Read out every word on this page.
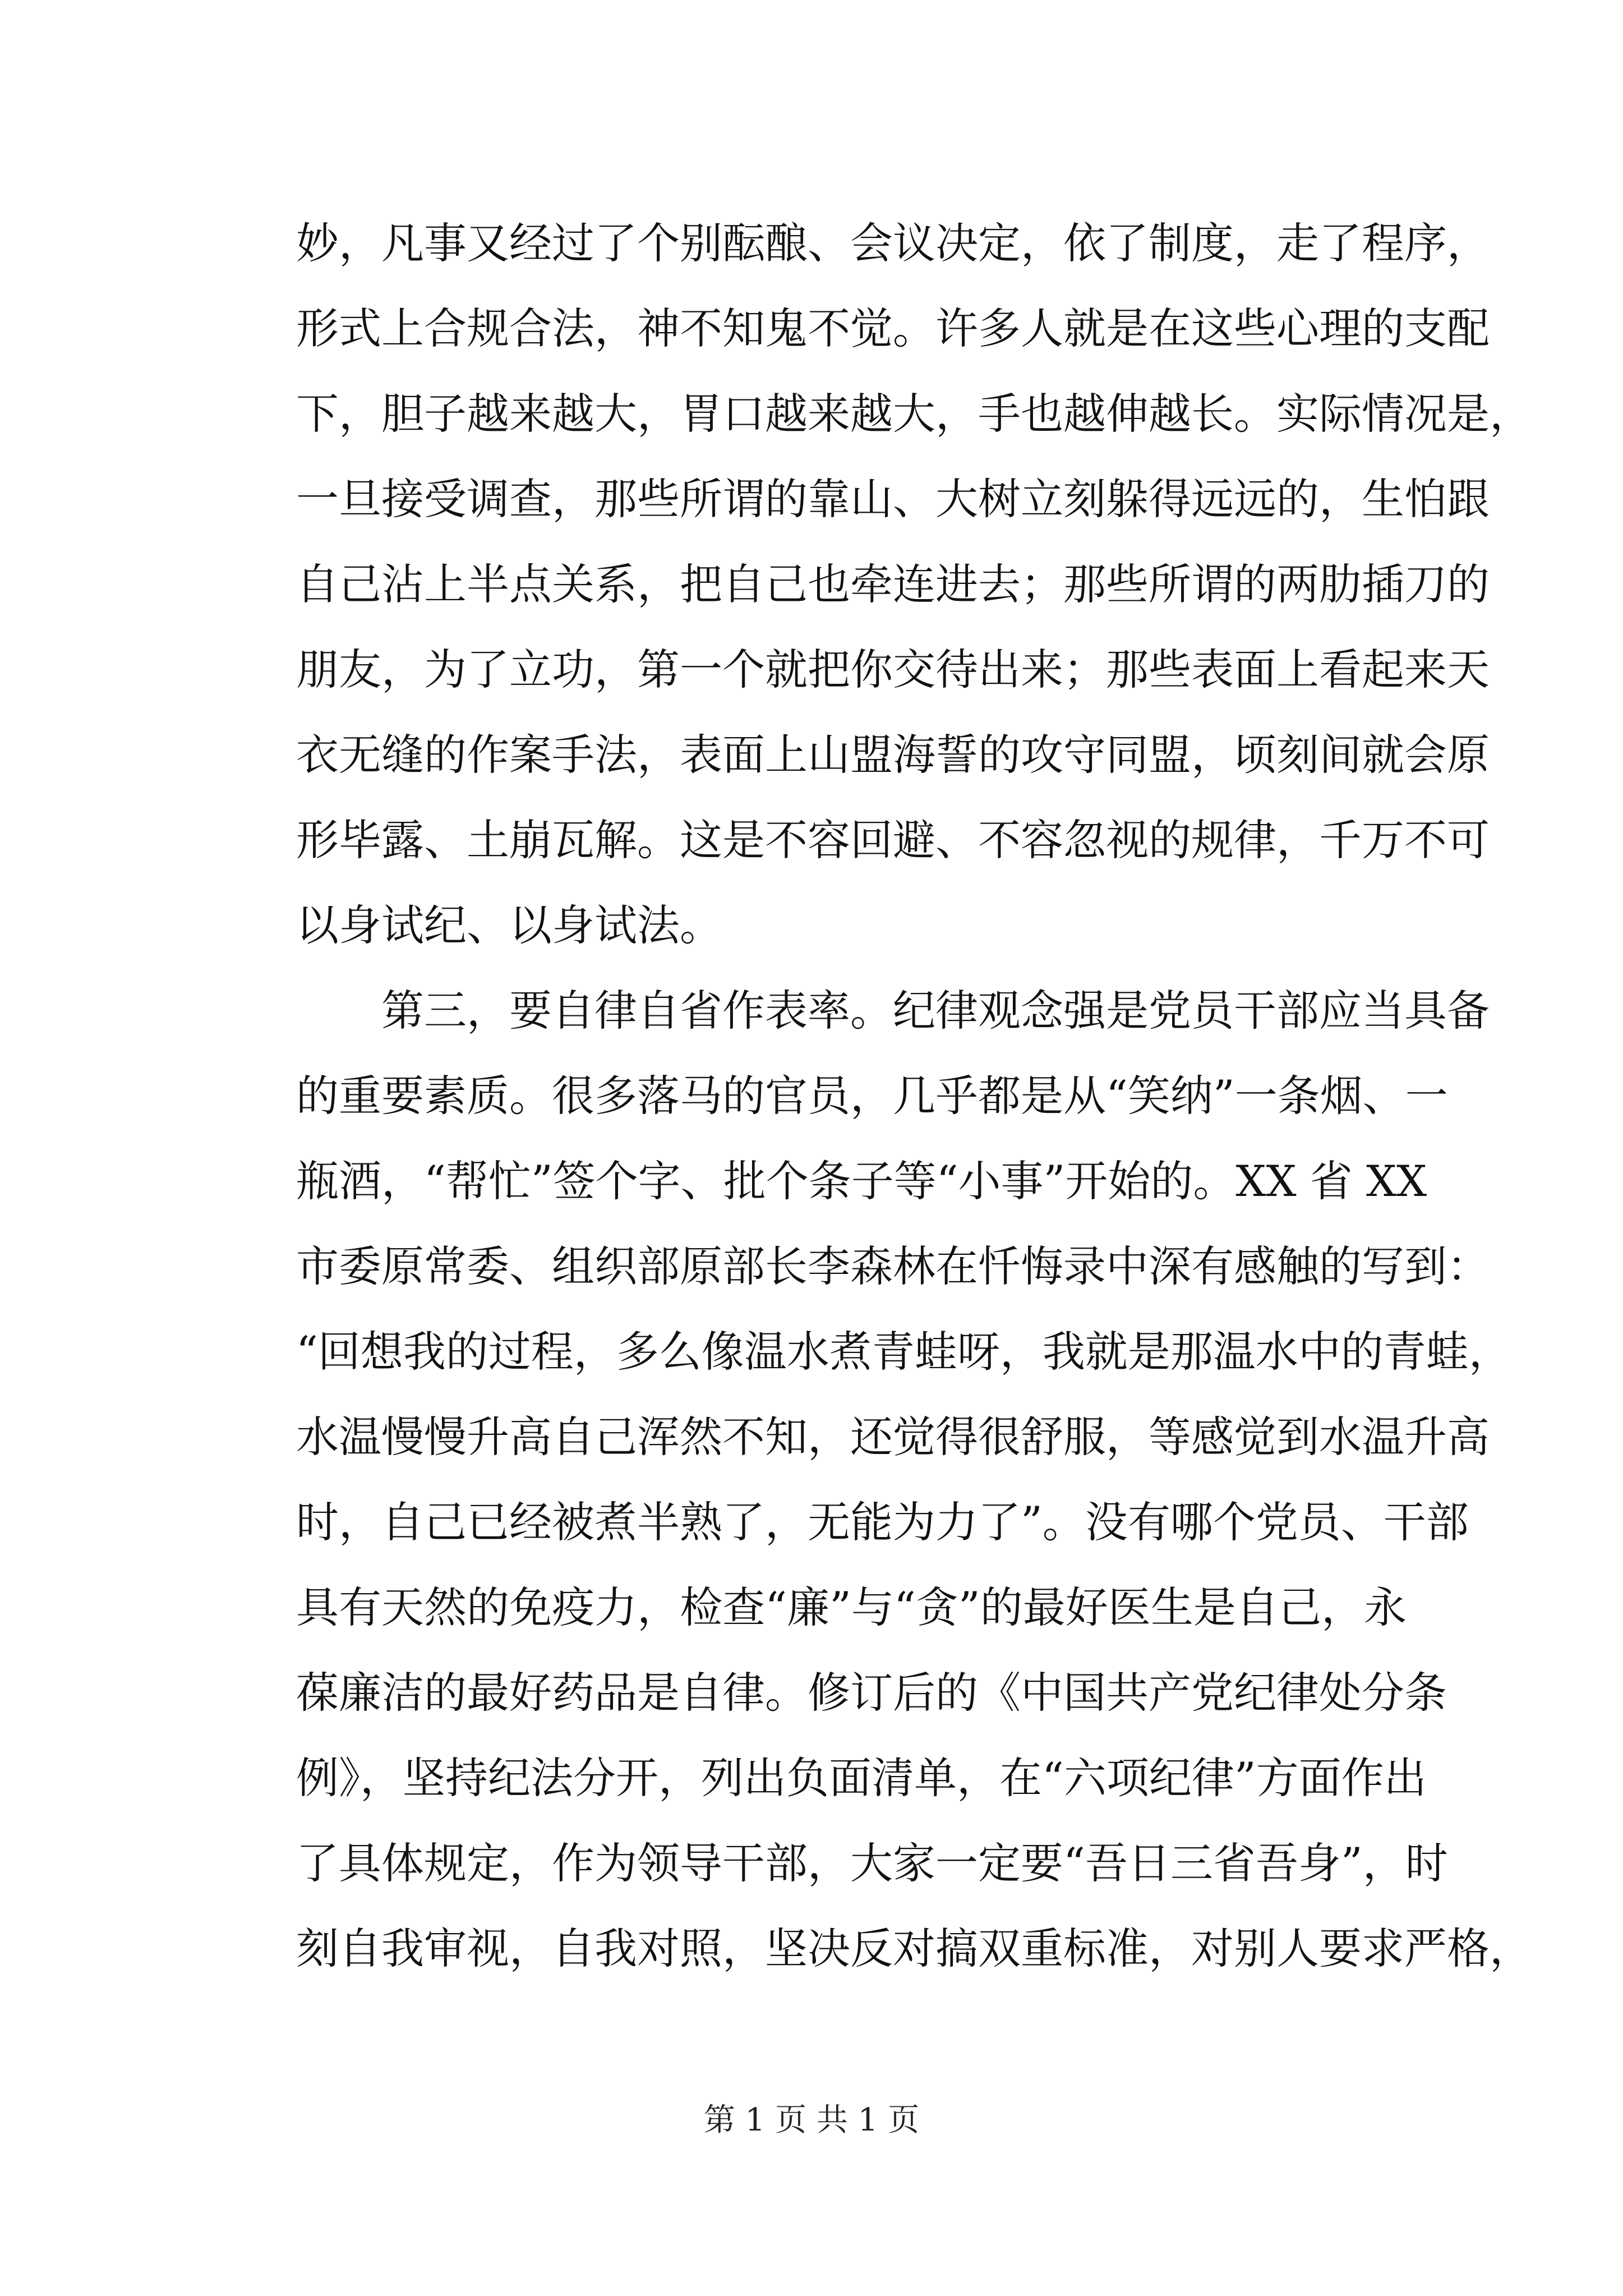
妙，凡事又经过了个别酝酿、会议决定，依了制度，走了程序，
形式上合规合法，神不知鬼不觉。许多人就是在这些心理的支配
下，胆子越来越大，胃口越来越大，手也越伸越长。实际情况是，
一旦接受调查，那些所谓的靠山、大树立刻躲得远远的，生怕跟
自己沾上半点关系，把自己也牵连进去；那些所谓的两肋插刀的
朋友，为了立功，第一个就把你交待出来；那些表面上看起来天
衣无缝的作案手法，表面上山盟海誓的攻守同盟，顷刻间就会原
形毕露、土崩瓦解。这是不容回避、不容忽视的规律，千万不可
以身试纪、以身试法。
第三，要自律自省作表率。纪律观念强是党员干部应当具备
的重要素质。很多落马的官员，几乎都是从“笑纳”一条烟、一
瓶酒，“帮忙”签个字、批个条子等“小事”开始的。XX 省 XX
市委原常委、组织部原部长李森林在忏悔录中深有感触的写到：
“回想我的过程，多么像温水煮青蛙呀，我就是那温水中的青蛙，
水温慢慢升高自己浑然不知，还觉得很舒服，等感觉到水温升高
时，自己已经被煮半熟了，无能为力了”。没有哪个党员、干部
具有天然的免疫力，检查“廉”与“贪”的最好医生是自己，永
葆廉洁的最好药品是自律。修订后的《中国共产党纪律处分条
例》，坚持纪法分开，列出负面清单，在“六项纪律”方面作出
了具体规定，作为领导干部，大家一定要“吾日三省吾身”，时
刻自我审视，自我对照，坚决反对搞双重标准，对别人要求严格，
第 1 页 共 1 页
